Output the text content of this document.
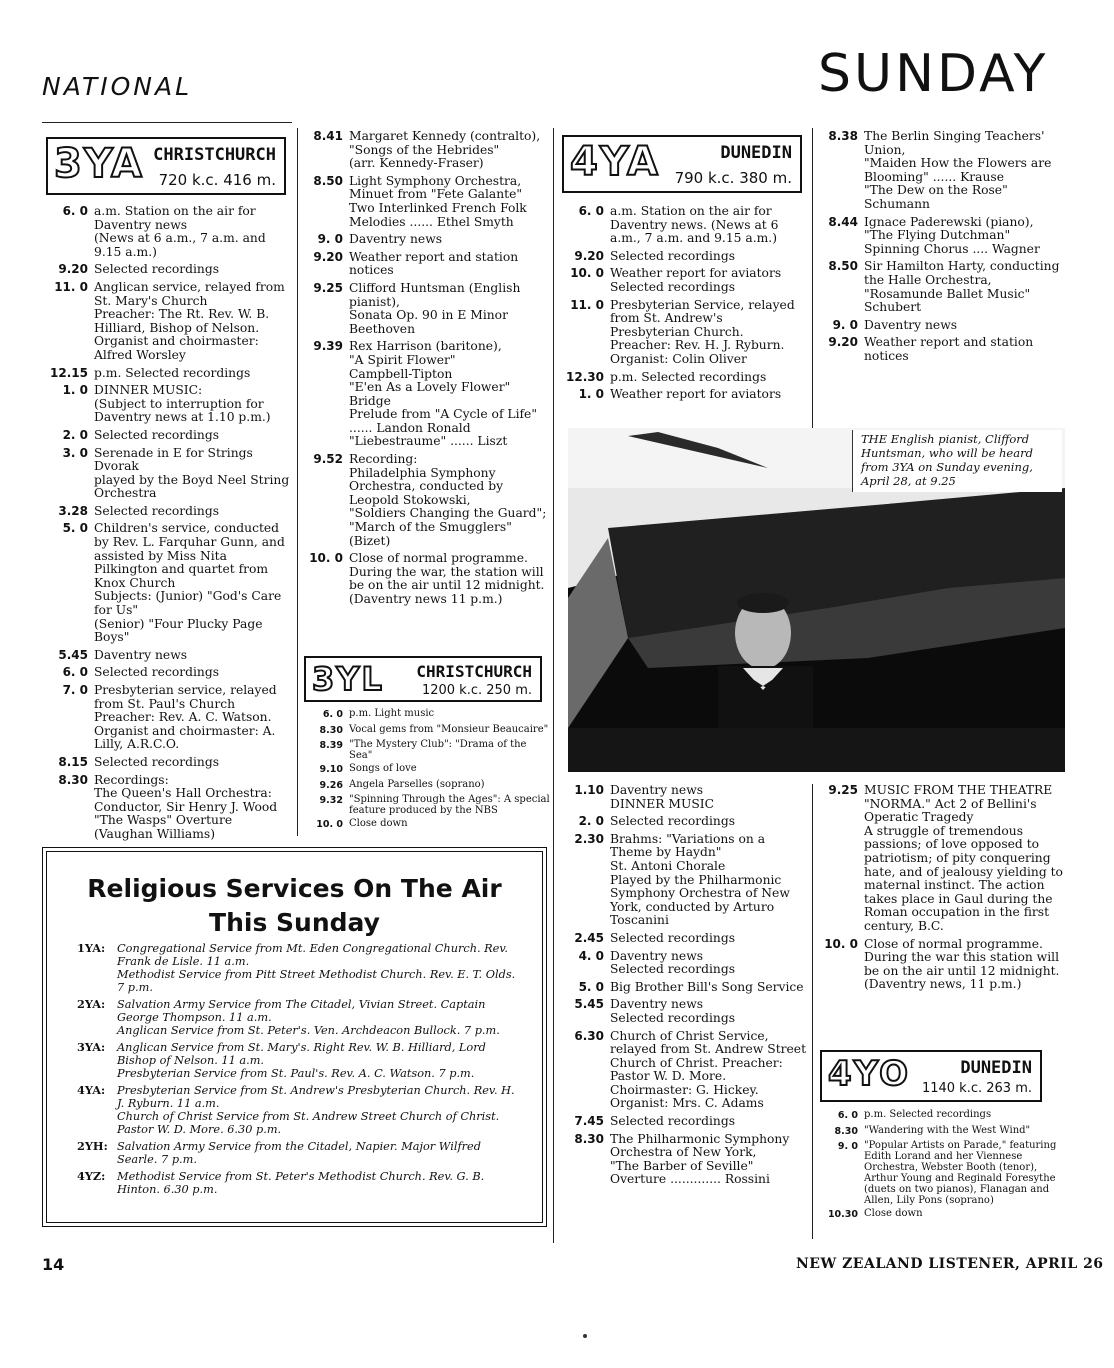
NATIONAL	SUNDAY
3YA CHRISTCHURCH
720 k.c. 416 m.	4YA	DUNEDIN
790 k.c. 380 m.
3YL CHRISTCHURCH
1200 k.c. 250 m.
4YO	DUNEDIN
1140 k.c. 263 m.
6. 0 a.m. Station on the air for Daventry news
(News at 6 a.m., 7 a.m. and 9.15 a.m.)
9.20 Selected recordings
11. 0 Anglican service, relayed from St. Mary's Church
Preacher: The Rt. Rev. W. B. Hilliard, Bishop of Nelson. Organist and choirmaster: Alfred Worsley
12.15 p.m. Selected recordings
1. 0 DINNER MUSIC:
(Subject to interruption for Daventry news at 1.10 p.m.)
2. 0 Selected recordings
3. 0 Serenade in E for Strings Dvorak
played by the Boyd Neel String Orchestra
3.28 Selected recordings
5. 0 Children's service, conducted by Rev. L. Farquhar Gunn, and assisted by Miss Nita Pilkington and quartet from Knox Church
Subjects: (Junior) "God's Care for Us"
(Senior) "Four Plucky Page Boys"
5.45 Daventry news
6. 0 Selected recordings
7. 0 Presbyterian service, relayed from St. Paul's Church
Preacher: Rev. A. C. Watson. Organist and choirmaster: A. Lilly, A.R.C.O.
8.15 Selected recordings
8.30 Recordings:
The Queen's Hall Orchestra: Conductor, Sir Henry J. Wood
"The Wasps" Overture
(Vaughan Williams)
8.41 Margaret Kennedy (contralto),
"Songs of the Hebrides"
(arr. Kennedy-Fraser)
8.50 Light Symphony Orchestra, Minuet from "Fete Galante"
Two Interlinked French Folk Melodies ...... Ethel Smyth
9. 0 Daventry news
9.20 Weather report and station notices
9.25 Clifford Huntsman (English pianist),
Sonata Op. 90 in E Minor
Beethoven
9.39 Rex Harrison (baritone),
"A Spirit Flower"
Campbell-Tipton
"E'en As a Lovely Flower" Bridge
Prelude from "A Cycle of Life" ...... Landon Ronald
"Liebestraume" ...... Liszt
9.52 Recording:
Philadelphia Symphony Orchestra, conducted by Leopold Stokowski,
"Soldiers Changing the Guard";
"March of the Smugglers"
(Bizet)
10. 0 Close of normal programme. During the war, the station will be on the air until 12 midnight. (Daventry news 11 p.m.)
6. 0 p.m. Light music
8.30 Vocal gems from "Monsieur Beaucaire"
8.39 "The Mystery Club": "Drama of the Sea"
9.10 Songs of love
9.26 Angela Parselles (soprano)
9.32 "Spinning Through the Ages": A special feature produced by the NBS
10. 0 Close down
6. 0 a.m. Station on the air for Daventry news. (News at 6 a.m., 7 a.m. and 9.15 a.m.)
9.20 Selected recordings
10. 0 Weather report for aviators
Selected recordings
11. 0 Presbyterian Service, relayed from St. Andrew's Presbyterian Church. Preacher: Rev. H. J. Ryburn. Organist: Colin Oliver
12.30 p.m. Selected recordings
1. 0 Weather report for aviators
8.38 The Berlin Singing Teachers' Union,
"Maiden How the Flowers are Blooming" ...... Krause
"The Dew on the Rose"
Schumann
8.44 Ignace Paderewski (piano),
"The Flying Dutchman"
Spinning Chorus .... Wagner
8.50 Sir Hamilton Harty, conducting the Halle Orchestra,
"Rosamunde Ballet Music"
Schubert
9. 0 Daventry news
9.20 Weather report and station notices
1.10 Daventry news
DINNER MUSIC
2. 0 Selected recordings
2.30 Brahms: "Variations on a Theme by Haydn"
St. Antoni Chorale
Played by the Philharmonic Symphony Orchestra of New York, conducted by Arturo Toscanini
2.45 Selected recordings
4. 0 Daventry news
Selected recordings
5. 0 Big Brother Bill's Song Service
5.45 Daventry news
Selected recordings
6.30 Church of Christ Service, relayed from St. Andrew Street Church of Christ. Preacher: Pastor W. D. More. Choirmaster: G. Hickey. Organist: Mrs. C. Adams
7.45 Selected recordings
8.30 The Philharmonic Symphony Orchestra of New York,
"The Barber of Seville" Overture ............. Rossini
9.25 MUSIC FROM THE THEATRE
"NORMA." Act 2 of Bellini's Operatic Tragedy
A struggle of tremendous passions; of love opposed to patriotism; of pity conquering hate, and of jealousy yielding to maternal instinct. The action takes place in Gaul during the Roman occupation in the first century, B.C.
10. 0 Close of normal programme. During the war this station will be on the air until 12 midnight. (Daventry news, 11 p.m.)
6. 0 p.m. Selected recordings
8.30 "Wandering with the West Wind"
9. 0 "Popular Artists on Parade," featuring Edith Lorand and her Viennese Orchestra, Webster Booth (tenor), Arthur Young and Reginald Foresythe (duets on two pianos), Flanagan and Allen, Lily Pons (soprano)
10.30 Close down
THE English pianist, Clifford Huntsman, who will be heard from 3YA on Sunday evening, April 28, at 9.25
Religious Services On The Air
This Sunday
1YA:	Congregational Service from Mt. Eden Congregational Church. Rev. Frank de Lisle. 11 a.m.
Methodist Service from Pitt Street Methodist Church. Rev. E. T. Olds. 7 p.m.
2YA:	Salvation Army Service from The Citadel, Vivian Street. Captain George Thompson. 11 a.m.
Anglican Service from St. Peter's. Ven. Archdeacon Bullock. 7 p.m.
3YA:	Anglican Service from St. Mary's. Right Rev. W. B. Hilliard, Lord Bishop of Nelson. 11 a.m.
Presbyterian Service from St. Paul's. Rev. A. C. Watson. 7 p.m.
4YA:	Presbyterian Service from St. Andrew's Presbyterian Church. Rev. H. J. Ryburn. 11 a.m.
Church of Christ Service from St. Andrew Street Church of Christ. Pastor W. D. More. 6.30 p.m.
2YH: Salvation Army Service from the Citadel, Napier. Major Wilfred Searle. 7 p.m.
4YZ:	Methodist Service from St. Peter's Methodist Church. Rev. G. B. Hinton. 6.30 p.m.
14	NEW ZEALAND LISTENER, APRIL 26
